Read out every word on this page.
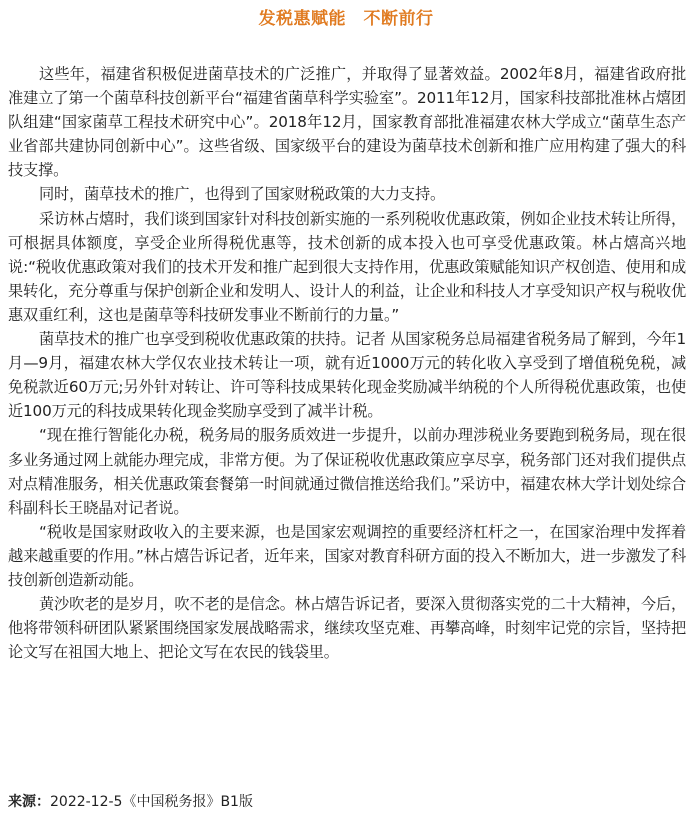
发税惠赋能　不断前行

这些年，福建省积极促进菌草技术的广泛推广，并取得了显著效益。2002年8月，福建省政府批准建立了第一个菌草科技创新平台“福建省菌草科学实验室”。2011年12月，国家科技部批准林占熺团队组建“国家菌草工程技术研究中心”。2018年12月，国家教育部批准福建农林大学成立“菌草生态产业省部共建协同创新中心”。这些省级、国家级平台的建设为菌草技术创新和推广应用构建了强大的科技支撑。

同时，菌草技术的推广，也得到了国家财税政策的大力支持。

采访林占熺时，我们谈到国家针对科技创新实施的一系列税收优惠政策，例如企业技术转让所得，可根据具体额度，享受企业所得税优惠等，技术创新的成本投入也可享受优惠政策。林占熺高兴地说:“税收优惠政策对我们的技术开发和推广起到很大支持作用，优惠政策赋能知识产权创造、使用和成果转化，充分尊重与保护创新企业和发明人、设计人的利益，让企业和科技人才享受知识产权与税收优惠双重红利，这也是菌草等科技研发事业不断前行的力量。”

菌草技术的推广也享受到税收优惠政策的扶持。记者 从国家税务总局福建省税务局了解到，今年1月—9月，福建农林大学仅农业技术转让一项，就有近1000万元的转化收入享受到了增值税免税，减免税款近60万元;另外针对转让、许可等科技成果转化现金奖励减半纳税的个人所得税优惠政策，也使近100万元的科技成果转化现金奖励享受到了减半计税。

“现在推行智能化办税，税务局的服务质效进一步提升，以前办理涉税业务要跑到税务局，现在很多业务通过网上就能办理完成，非常方便。为了保证税收优惠政策应享尽享，税务部门还对我们提供点对点精准服务，相关优惠政策套餐第一时间就通过微信推送给我们。”采访中，福建农林大学计划处综合科副科长王晓晶对记者说。

“税收是国家财政收入的主要来源，也是国家宏观调控的重要经济杠杆之一，在国家治理中发挥着越来越重要的作用。”林占熺告诉记者，近年来，国家对教育科研方面的投入不断加大，进一步激发了科技创新创造新动能。

黄沙吹老的是岁月，吹不老的是信念。林占熺告诉记者，要深入贯彻落实党的二十大精神，今后，他将带领科研团队紧紧围绕国家发展战略需求，继续攻坚克难、再攀高峰，时刻牢记党的宗旨，坚持把论文写在祖国大地上、把论文写在农民的钱袋里。

来源：2022-12-5《中国税务报》B1版
